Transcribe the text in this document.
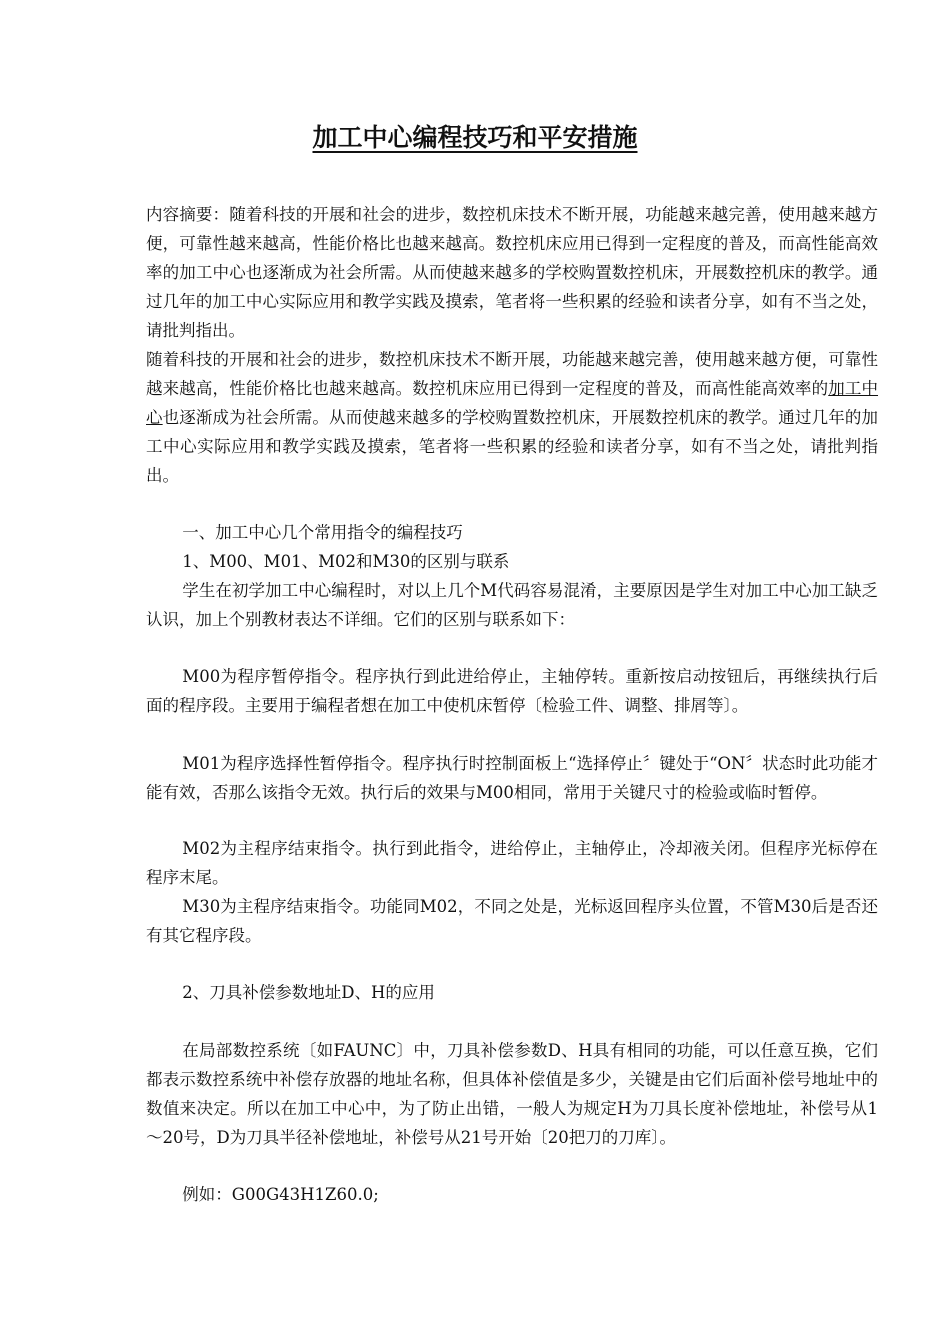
加工中心编程技巧和平安措施

内容摘要：随着科技的开展和社会的进步，数控机床技术不断开展，功能越来越完善，使用越来越方便，可靠性越来越高，性能价格比也越来越高。数控机床应用已得到一定程度的普及，而高性能高效率的加工中心也逐渐成为社会所需。从而使越来越多的学校购置数控机床，开展数控机床的教学。通过几年的加工中心实际应用和教学实践及摸索，笔者将一些积累的经验和读者分享，如有不当之处，请批判指出。

随着科技的开展和社会的进步，数控机床技术不断开展，功能越来越完善，使用越来越方便，可靠性越来越高，性能价格比也越来越高。数控机床应用已得到一定程度的普及，而高性能高效率的加工中心也逐渐成为社会所需。从而使越来越多的学校购置数控机床，开展数控机床的教学。通过几年的加工中心实际应用和教学实践及摸索，笔者将一些积累的经验和读者分享，如有不当之处，请批判指出。

一、加工中心几个常用指令的编程技巧

1、M00、M01、M02和M30的区别与联系

学生在初学加工中心编程时，对以上几个M代码容易混淆，主要原因是学生对加工中心加工缺乏认识，加上个别教材表达不详细。它们的区别与联系如下：

M00为程序暂停指令。程序执行到此进给停止，主轴停转。重新按启动按钮后，再继续执行后面的程序段。主要用于编程者想在加工中使机床暂停〔检验工件、调整、排屑等〕。

M01为程序选择性暂停指令。程序执行时控制面板上“选择停止〞键处于“ON〞状态时此功能才能有效，否那么该指令无效。执行后的效果与M00相同，常用于关键尺寸的检验或临时暂停。

M02为主程序结束指令。执行到此指令，进给停止，主轴停止，冷却液关闭。但程序光标停在程序末尾。

M30为主程序结束指令。功能同M02，不同之处是，光标返回程序头位置，不管M30后是否还有其它程序段。

2、刀具补偿参数地址D、H的应用

在局部数控系统〔如FAUNC〕中，刀具补偿参数D、H具有相同的功能，可以任意互换，它们都表示数控系统中补偿存放器的地址名称，但具体补偿值是多少，关键是由它们后面补偿号地址中的数值来决定。所以在加工中心中，为了防止出错，一般人为规定H为刀具长度补偿地址，补偿号从1～20号，D为刀具半径补偿地址，补偿号从21号开始〔20把刀的刀库〕。

例如：G00G43H1Z60.0;
